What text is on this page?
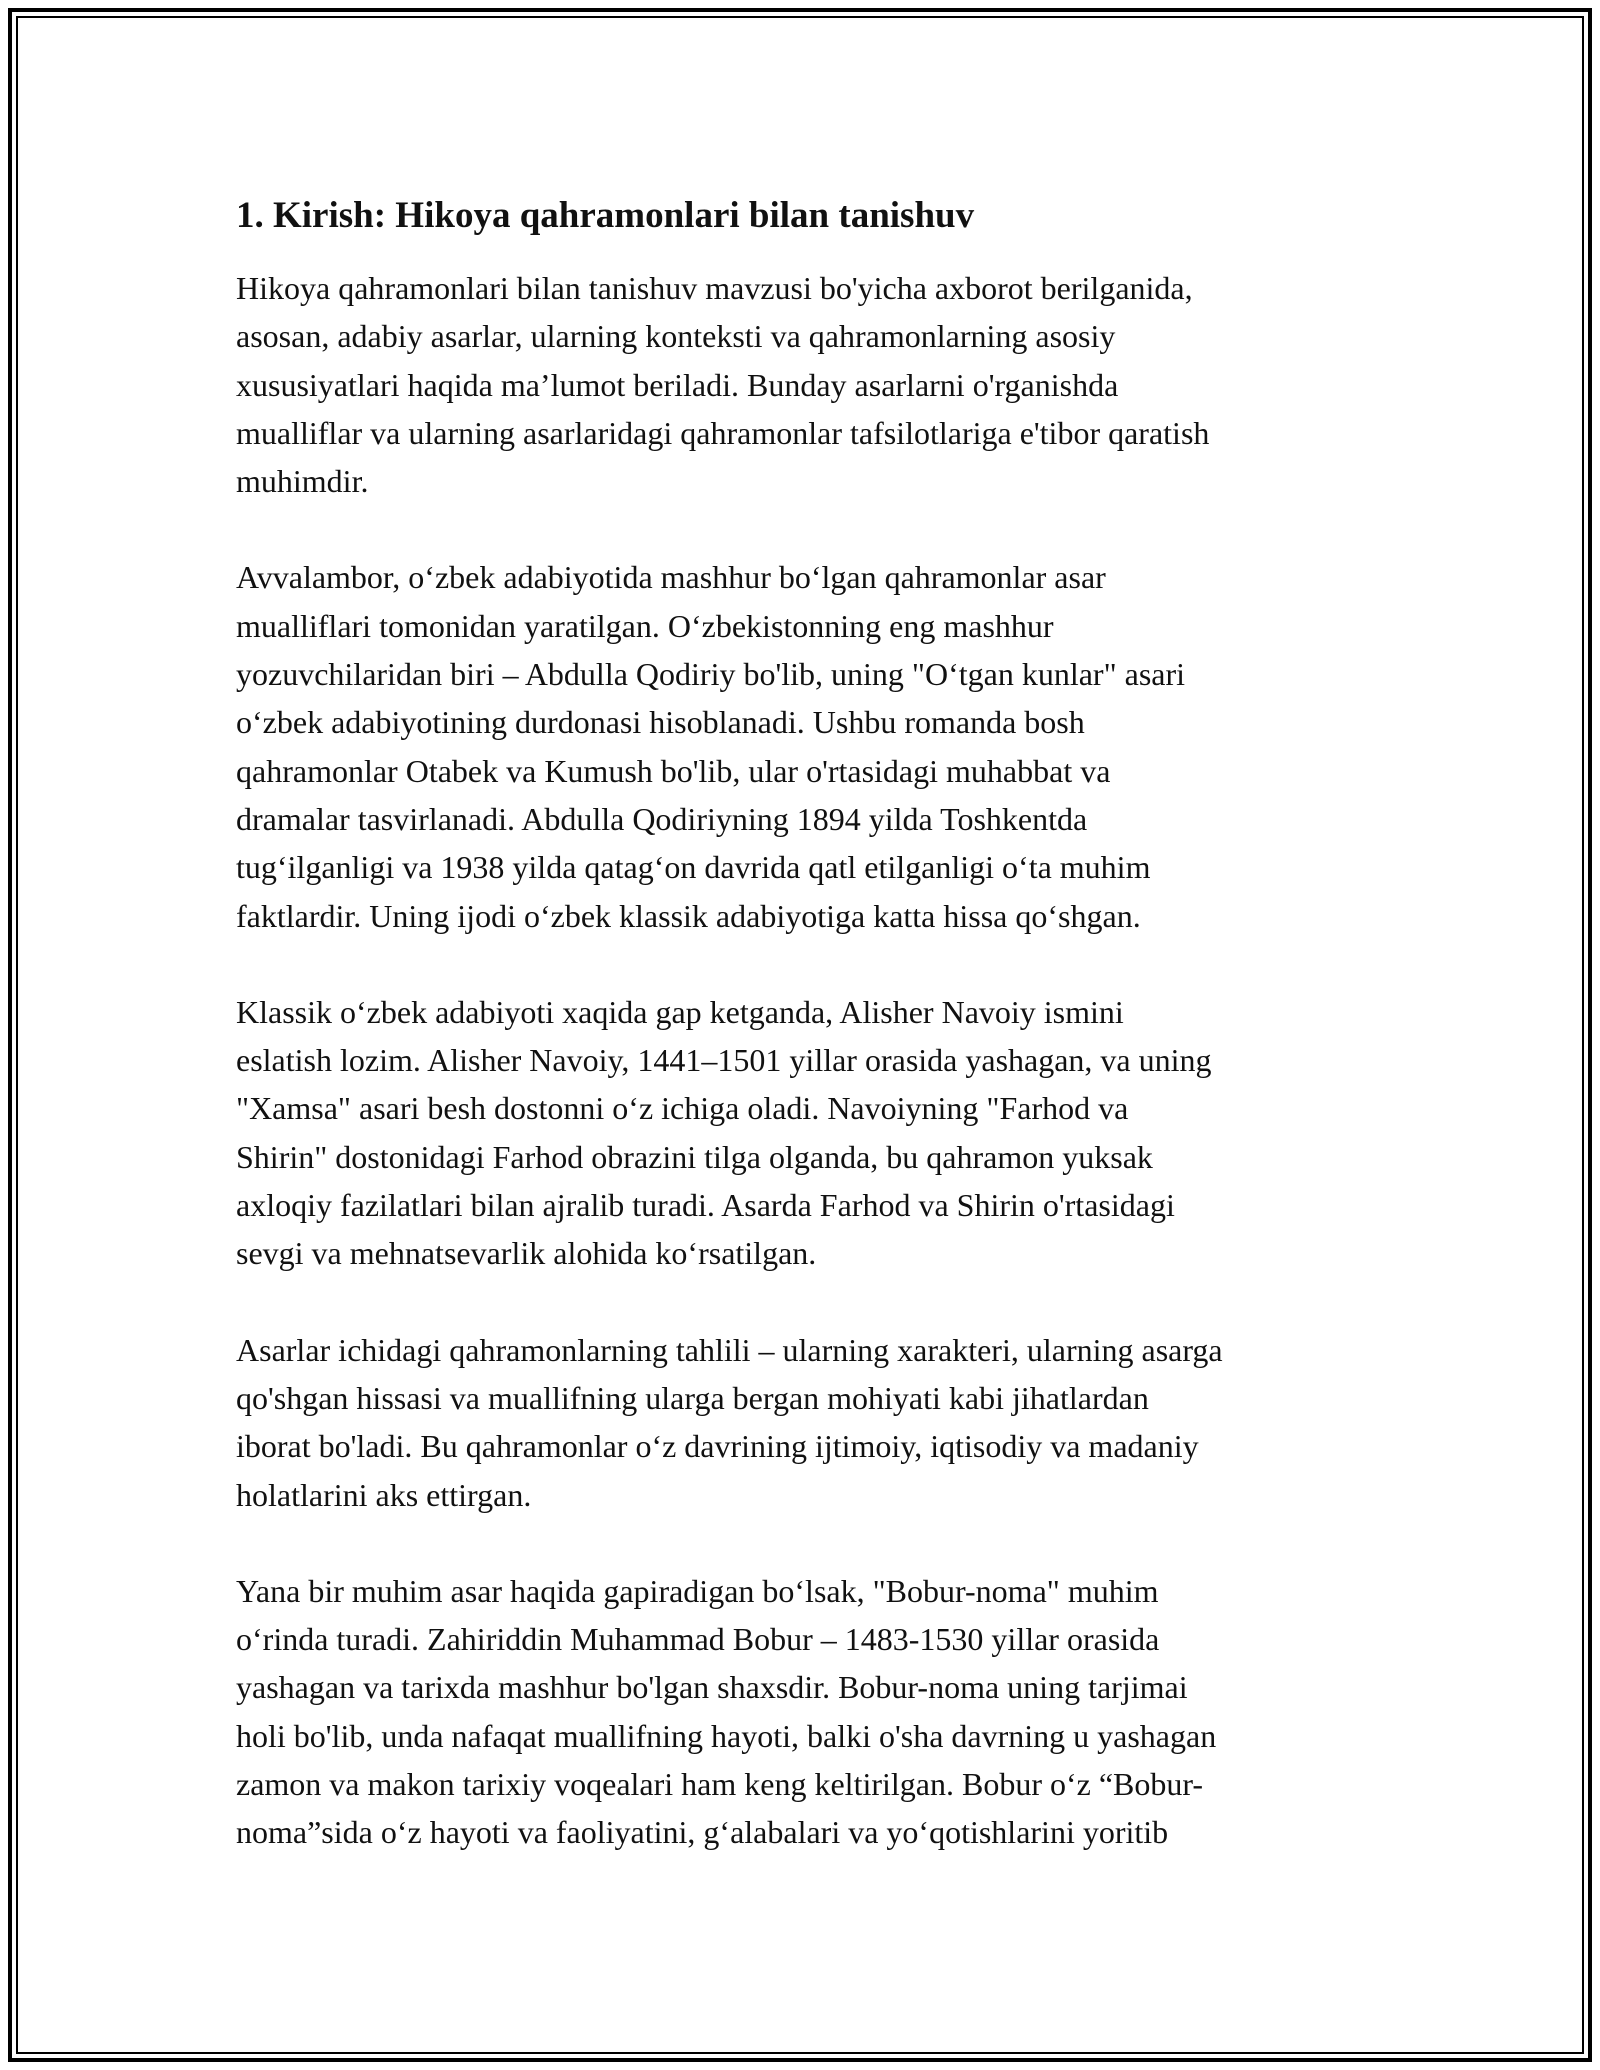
1. Kirish: Hikoya qahramonlari bilan tanishuv
Hikoya qahramonlari bilan tanishuv mavzusi bo'yicha axborot berilganida,
asosan, adabiy asarlar, ularning konteksti va qahramonlarning asosiy
xususiyatlari haqida ma’lumot beriladi. Bunday asarlarni o'rganishda
mualliflar va ularning asarlaridagi qahramonlar tafsilotlariga e'tibor qaratish
muhimdir.
Avvalambor, o‘zbek adabiyotida mashhur bo‘lgan qahramonlar asar
mualliflari tomonidan yaratilgan. O‘zbekistonning eng mashhur
yozuvchilaridan biri – Abdulla Qodiriy bo'lib, uning "O‘tgan kunlar" asari
o‘zbek adabiyotining durdonasi hisoblanadi. Ushbu romanda bosh
qahramonlar Otabek va Kumush bo'lib, ular o'rtasidagi muhabbat va
dramalar tasvirlanadi. Abdulla Qodiriyning 1894 yilda Toshkentda
tug‘ilganligi va 1938 yilda qatag‘on davrida qatl etilganligi o‘ta muhim
faktlardir. Uning ijodi o‘zbek klassik adabiyotiga katta hissa qo‘shgan.
Klassik o‘zbek adabiyoti xaqida gap ketganda, Alisher Navoiy ismini
eslatish lozim. Alisher Navoiy, 1441–1501 yillar orasida yashagan, va uning
"Xamsa" asari besh dostonni o‘z ichiga oladi. Navoiyning "Farhod va
Shirin" dostonidagi Farhod obrazini tilga olganda, bu qahramon yuksak
axloqiy fazilatlari bilan ajralib turadi. Asarda Farhod va Shirin o'rtasidagi
sevgi va mehnatsevarlik alohida ko‘rsatilgan.
Asarlar ichidagi qahramonlarning tahlili – ularning xarakteri, ularning asarga
qo'shgan hissasi va muallifning ularga bergan mohiyati kabi jihatlardan
iborat bo'ladi. Bu qahramonlar o‘z davrining ijtimoiy, iqtisodiy va madaniy
holatlarini aks ettirgan.
Yana bir muhim asar haqida gapiradigan bo‘lsak, "Bobur-noma" muhim
o‘rinda turadi. Zahiriddin Muhammad Bobur – 1483-1530 yillar orasida
yashagan va tarixda mashhur bo'lgan shaxsdir. Bobur-noma uning tarjimai
holi bo'lib, unda nafaqat muallifning hayoti, balki o'sha davrning u yashagan
zamon va makon tarixiy voqealari ham keng keltirilgan. Bobur o‘z “Bobur-
noma”sida o‘z hayoti va faoliyatini, g‘alabalari va yo‘qotishlarini yoritib
